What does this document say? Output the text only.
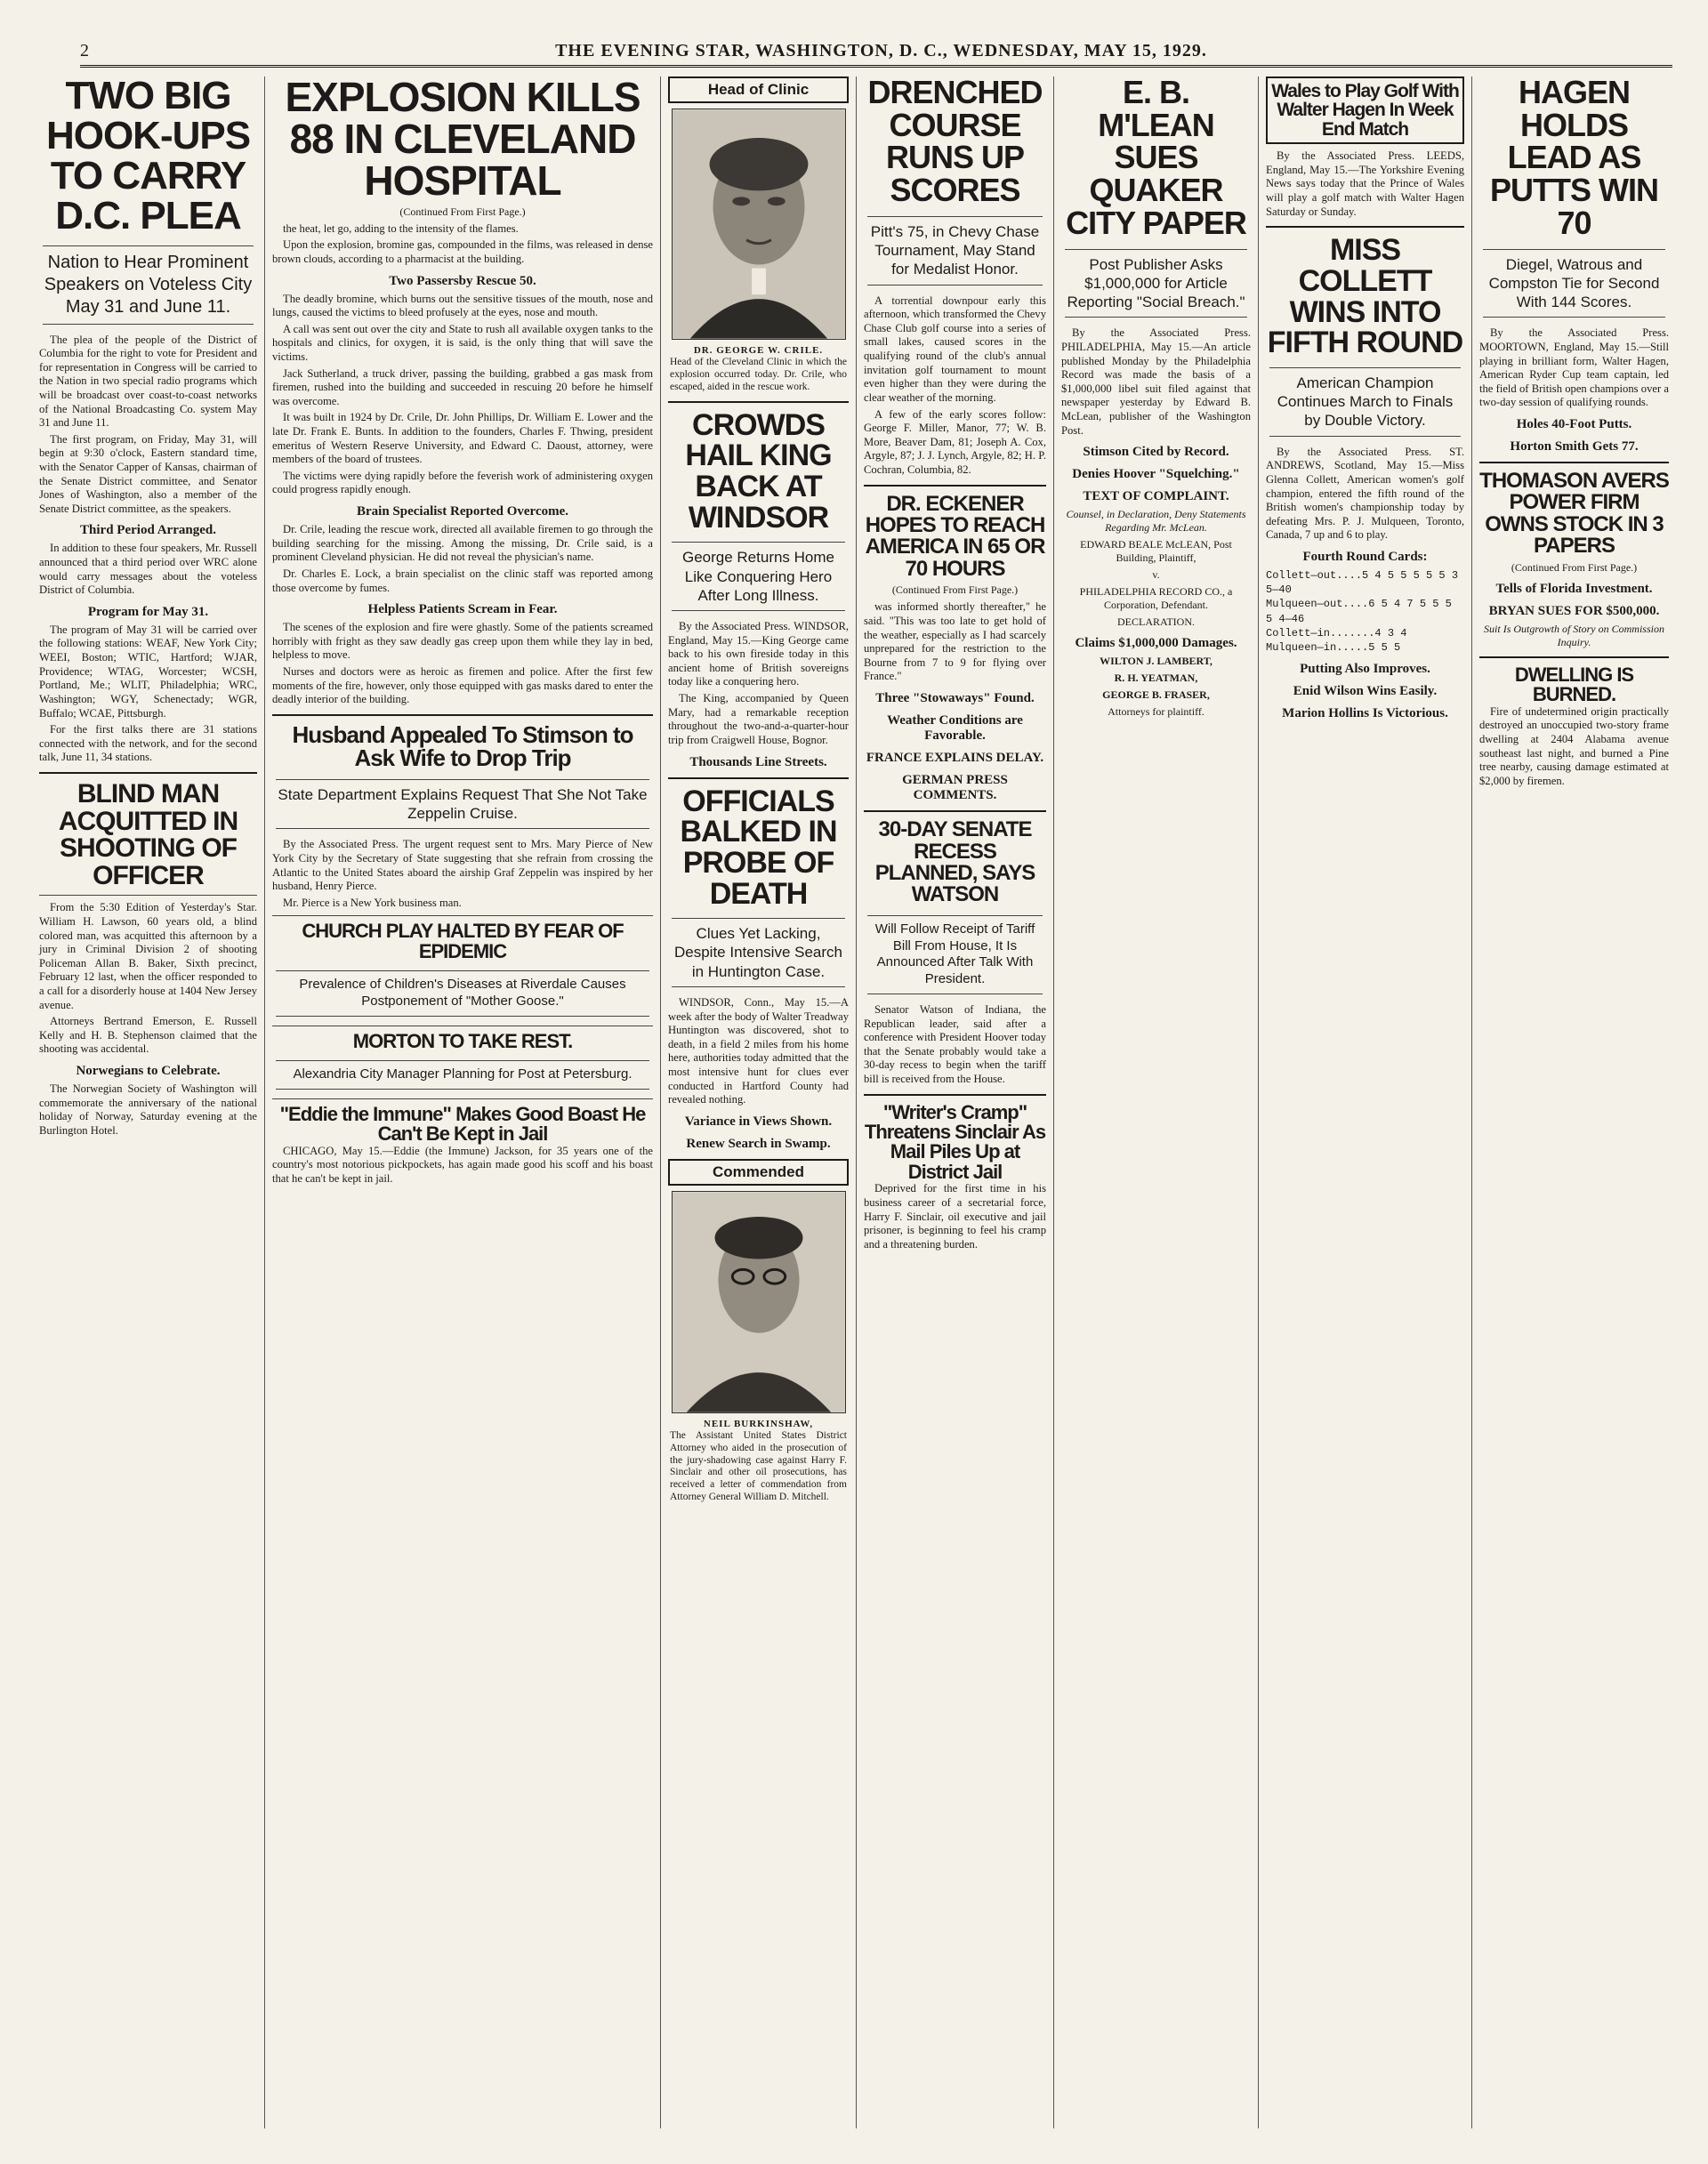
2	THE EVENING STAR, WASHINGTON, D. C., WEDNESDAY, MAY 15, 1929.
TWO BIG HOOK-UPS TO CARRY D.C. PLEA
Nation to Hear Prominent Speakers on Voteless City May 31 and June 11.

The plea of the people of the District of Columbia for the right to vote for President and for representation in Congress will be carried to the Nation in two special radio programs which will be broadcast over coast-to-coast networks of the National Broadcasting Co. system May 31 and June 11.

The first program, on Friday, May 31, will begin at 9:30 o'clock, Eastern standard time, with the Senator Capper of Kansas, chairman of the Senate District committee, and Senator Jones of Washington, also a member of the Senate District committee, as the speakers.

Third Period Arranged.

In addition to these four speakers, Mr. Russell announced that a third period over WRC alone would carry messages about the voteless District of Columbia.

Program for May 31.

The program of May 31 will be carried over the following stations: WEAF, New York City; WEEI, Boston; WTIC, Hartford; WJAR, Providence; WTAG, Worcester; WCSH, Portland, Me.; WLIT, Philadelphia; WRC, Washington; WGY, Schenectady; WGR, Buffalo; WCAE, Pittsburgh.

For the first talks there are 31 stations connected with the network, and for the second talk, June 11, 34 stations.

BLIND MAN ACQUITTED IN SHOOTING OF OFFICER

From the 5:30 Edition of Yesterday's Star. William H. Lawson, 60 years old, a blind colored man, was acquitted this afternoon by a jury in Criminal Division 2 of shooting Policeman Allan B. Baker, Sixth precinct, February 12 last, when the officer responded to a call for a disorderly house at 1404 New Jersey avenue.

Attorneys Bertrand Emerson, E. Russell Kelly and H. B. Stephenson claimed that the shooting was accidental.

Norwegians to Celebrate.

The Norwegian Society of Washington will commemorate the anniversary of the national holiday of Norway, Saturday evening at the Burlington Hotel.

EXPLOSION KILLS 88 IN CLEVELAND HOSPITAL
(Continued From First Page.)

the heat, let go, adding to the intensity of the flames.

Upon the explosion, bromine gas, compounded in the films, was released in dense brown clouds, according to a pharmacist at the building.

Two Passersby Rescue 50.

The deadly bromine, which burns out the sensitive tissues of the mouth, nose and lungs, caused the victims to bleed profusely at the eyes, nose and mouth.

A call was sent out over the city and State to rush all available oxygen tanks to the hospitals and clinics, for oxygen, it is said, is the only thing that will save the victims.

Jack Sutherland, a truck driver, passing the building, grabbed a gas mask from firemen, rushed into the building and succeeded in rescuing 20 before he himself was overcome.

It was built in 1924 by Dr. Crile, Dr. John Phillips, Dr. William E. Lower and the late Dr. Frank E. Bunts. In addition to the founders, Charles F. Thwing, president emeritus of Western Reserve University, and Edward C. Daoust, attorney, were members of the board of trustees.

The victims were dying rapidly before the feverish work of administering oxygen could progress rapidly enough.

Brain Specialist Reported Overcome.

Dr. Crile, leading the rescue work, directed all available firemen to go through the building searching for the missing. Among the missing, Dr. Crile said, is a prominent Cleveland physician. He did not reveal the physician's name.

Dr. Charles E. Lock, a brain specialist on the clinic staff was reported among those overcome by fumes.

Helpless Patients Scream in Fear.

The scenes of the explosion and fire were ghastly. Some of the patients screamed horribly with fright as they saw deadly gas creep upon them while they lay in bed, helpless to move.

Nurses and doctors were as heroic as firemen and police. After the first few moments of the fire, however, only those equipped with gas masks dared to enter the deadly interior of the building.

Husband Appealed To Stimson to Ask Wife to Drop Trip
State Department Explains Request That She Not Take Zeppelin Cruise.

By the Associated Press. The urgent request sent to Mrs. Mary Pierce of New York City by the Secretary of State suggesting that she refrain from crossing the Atlantic to the United States aboard the airship Graf Zeppelin was inspired by her husband, Henry Pierce.

Mr. Pierce is a New York business man.

CHURCH PLAY HALTED BY FEAR OF EPIDEMIC
Prevalence of Children's Diseases at Riverdale Causes Postponement of "Mother Goose."
MORTON TO TAKE REST.
Alexandria City Manager Planning for Post at Petersburg.
"Eddie the Immune" Makes Good Boast He Can't Be Kept in Jail

CHICAGO, May 15.—Eddie (the Immune) Jackson, for 35 years one of the country's most notorious pickpockets, has again made good his scoff and his boast that he can't be kept in jail.

Head of Clinic
DR. GEORGE W. CRILE.
Head of the Cleveland Clinic in which the explosion occurred today. Dr. Crile, who escaped, aided in the rescue work.
CROWDS HAIL KING BACK AT WINDSOR
George Returns Home Like Conquering Hero After Long Illness.

By the Associated Press. WINDSOR, England, May 15.—King George came back to his own fireside today in this ancient home of British sovereigns today like a conquering hero.

The King, accompanied by Queen Mary, had a remarkable reception throughout the two-and-a-quarter-hour trip from Craigwell House, Bognor.

Thousands Line Streets.
OFFICIALS BALKED IN PROBE OF DEATH
Clues Yet Lacking, Despite Intensive Search in Huntington Case.

WINDSOR, Conn., May 15.—A week after the body of Walter Treadway Huntington was discovered, shot to death, in a field 2 miles from his home here, authorities today admitted that the most intensive hunt for clues ever conducted in Hartford County had revealed nothing.

Variance in Views Shown.
Renew Search in Swamp.
Commended
NEIL BURKINSHAW,
The Assistant United States District Attorney who aided in the prosecution of the jury-shadowing case against Harry F. Sinclair and other oil prosecutions, has received a letter of commendation from Attorney General William D. Mitchell.
DRENCHED COURSE RUNS UP SCORES
Pitt's 75, in Chevy Chase Tournament, May Stand for Medalist Honor.

A torrential downpour early this afternoon, which transformed the Chevy Chase Club golf course into a series of small lakes, caused scores in the qualifying round of the club's annual invitation golf tournament to mount even higher than they were during the clear weather of the morning.

A few of the early scores follow: George F. Miller, Manor, 77; W. B. More, Beaver Dam, 81; Joseph A. Cox, Argyle, 87; J. J. Lynch, Argyle, 82; H. P. Cochran, Columbia, 82.

DR. ECKENER HOPES TO REACH AMERICA IN 65 OR 70 HOURS
(Continued From First Page.)

was informed shortly thereafter," he said. "This was too late to get hold of the weather, especially as I had scarcely unprepared for the restriction to the Bourne from 7 to 9 for flying over France."

Three "Stowaways" Found.
Weather Conditions are Favorable.
FRANCE EXPLAINS DELAY.
GERMAN PRESS COMMENTS.
30-DAY SENATE RECESS PLANNED, SAYS WATSON
Will Follow Receipt of Tariff Bill From House, It Is Announced After Talk With President.

Senator Watson of Indiana, the Republican leader, said after a conference with President Hoover today that the Senate probably would take a 30-day recess to begin when the tariff bill is received from the House.

"Writer's Cramp" Threatens Sinclair As Mail Piles Up at District Jail

Deprived for the first time in his business career of a secretarial force, Harry F. Sinclair, oil executive and jail prisoner, is beginning to feel his cramp and a threatening burden.

E. B. M'LEAN SUES QUAKER CITY PAPER
Post Publisher Asks $1,000,000 for Article Reporting "Social Breach."

By the Associated Press. PHILADELPHIA, May 15.—An article published Monday by the Philadelphia Record was made the basis of a $1,000,000 libel suit filed against that newspaper yesterday by Edward B. McLean, publisher of the Washington Post.

Stimson Cited by Record.
Denies Hoover "Squelching."
TEXT OF COMPLAINT.
Counsel, in Declaration, Deny Statements Regarding Mr. McLean.
EDWARD BEALE McLEAN, Post Building, Plaintiff,
v.
PHILADELPHIA RECORD CO., a Corporation, Defendant.
DECLARATION.
Claims $1,000,000 Damages.
WILTON J. LAMBERT,
R. H. YEATMAN,
GEORGE B. FRASER,
Attorneys for plaintiff.
Wales to Play Golf With Walter Hagen In Week End Match

By the Associated Press. LEEDS, England, May 15.—The Yorkshire Evening News says today that the Prince of Wales will play a golf match with Walter Hagen Saturday or Sunday.

MISS COLLETT WINS INTO FIFTH ROUND
American Champion Continues March to Finals by Double Victory.

By the Associated Press. ST. ANDREWS, Scotland, May 15.—Miss Glenna Collett, American women's golf champion, entered the fifth round of the British women's championship today by defeating Mrs. P. J. Mulqueen, Toronto, Canada, 7 up and 6 to play.

Fourth Round Cards:
Collett—out....5 4 5 5 5 5 5 3 5—40
Mulqueen—out....6 5 4 7 5 5 5 5 4—46
Collett—in.......4 3 4
Mulqueen—in.....5 5 5
Putting Also Improves.
Enid Wilson Wins Easily.
Marion Hollins Is Victorious.
HAGEN HOLDS LEAD AS PUTTS WIN 70
Diegel, Watrous and Compston Tie for Second With 144 Scores.

By the Associated Press. MOORTOWN, England, May 15.—Still playing in brilliant form, Walter Hagen, American Ryder Cup team captain, led the field of British open champions over a two-day session of qualifying rounds.

Holes 40-Foot Putts.
Horton Smith Gets 77.
THOMASON AVERS POWER FIRM OWNS STOCK IN 3 PAPERS
(Continued From First Page.)
Tells of Florida Investment.
BRYAN SUES FOR $500,000.
Suit Is Outgrowth of Story on Commission Inquiry.
DWELLING IS BURNED.

Fire of undetermined origin practically destroyed an unoccupied two-story frame dwelling at 2404 Alabama avenue southeast last night, and burned a Pine tree nearby, causing damage estimated at $2,000 by firemen.
